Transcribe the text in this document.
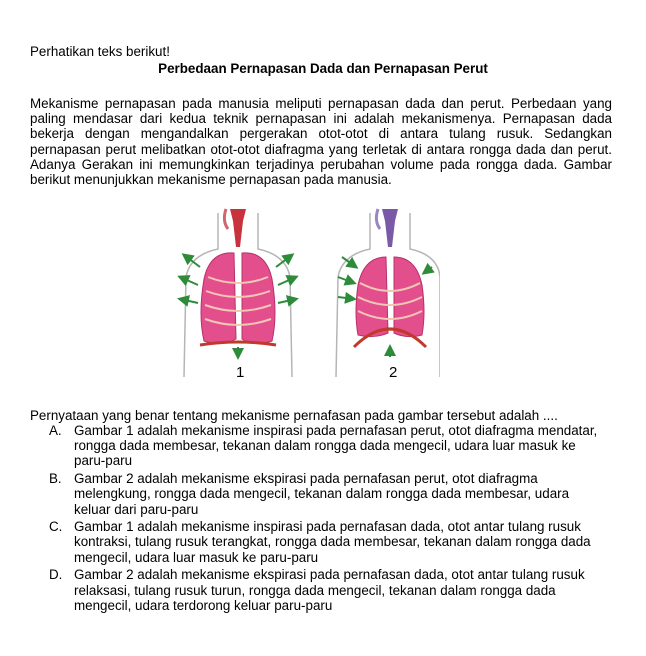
Perhatikan teks berikut!
Perbedaan Pernapasan Dada dan Pernapasan Perut

Mekanisme pernapasan pada manusia meliputi pernapasan dada dan perut. Perbedaan yang paling mendasar dari kedua teknik pernapasan ini adalah mekanismenya. Pernapasan dada bekerja dengan mengandalkan pergerakan otot-otot di antara tulang rusuk. Sedangkan pernapasan perut melibatkan otot-otot diafragma yang terletak di antara rongga dada dan perut. Adanya Gerakan ini memungkinkan terjadinya perubahan volume pada rongga dada. Gambar berikut menunjukkan mekanisme pernapasan pada manusia.

1	2
Pernyataan yang benar tentang mekanisme pernafasan pada gambar tersebut adalah ....
A. Gambar 1 adalah mekanisme inspirasi pada pernafasan perut, otot diafragma mendatar, rongga dada membesar, tekanan dalam rongga dada mengecil, udara luar masuk ke paru-paru
B. Gambar 2 adalah mekanisme ekspirasi pada pernafasan perut, otot diafragma melengkung, rongga dada mengecil, tekanan dalam rongga dada membesar, udara keluar dari paru-paru
C. Gambar 1 adalah mekanisme inspirasi pada pernafasan dada, otot antar tulang rusuk kontraksi, tulang rusuk terangkat, rongga dada membesar, tekanan dalam rongga dada mengecil, udara luar masuk ke paru-paru
D. Gambar 2 adalah mekanisme ekspirasi pada pernafasan dada, otot antar tulang rusuk relaksasi, tulang rusuk turun, rongga dada mengecil, tekanan dalam rongga dada mengecil, udara terdorong keluar paru-paru
